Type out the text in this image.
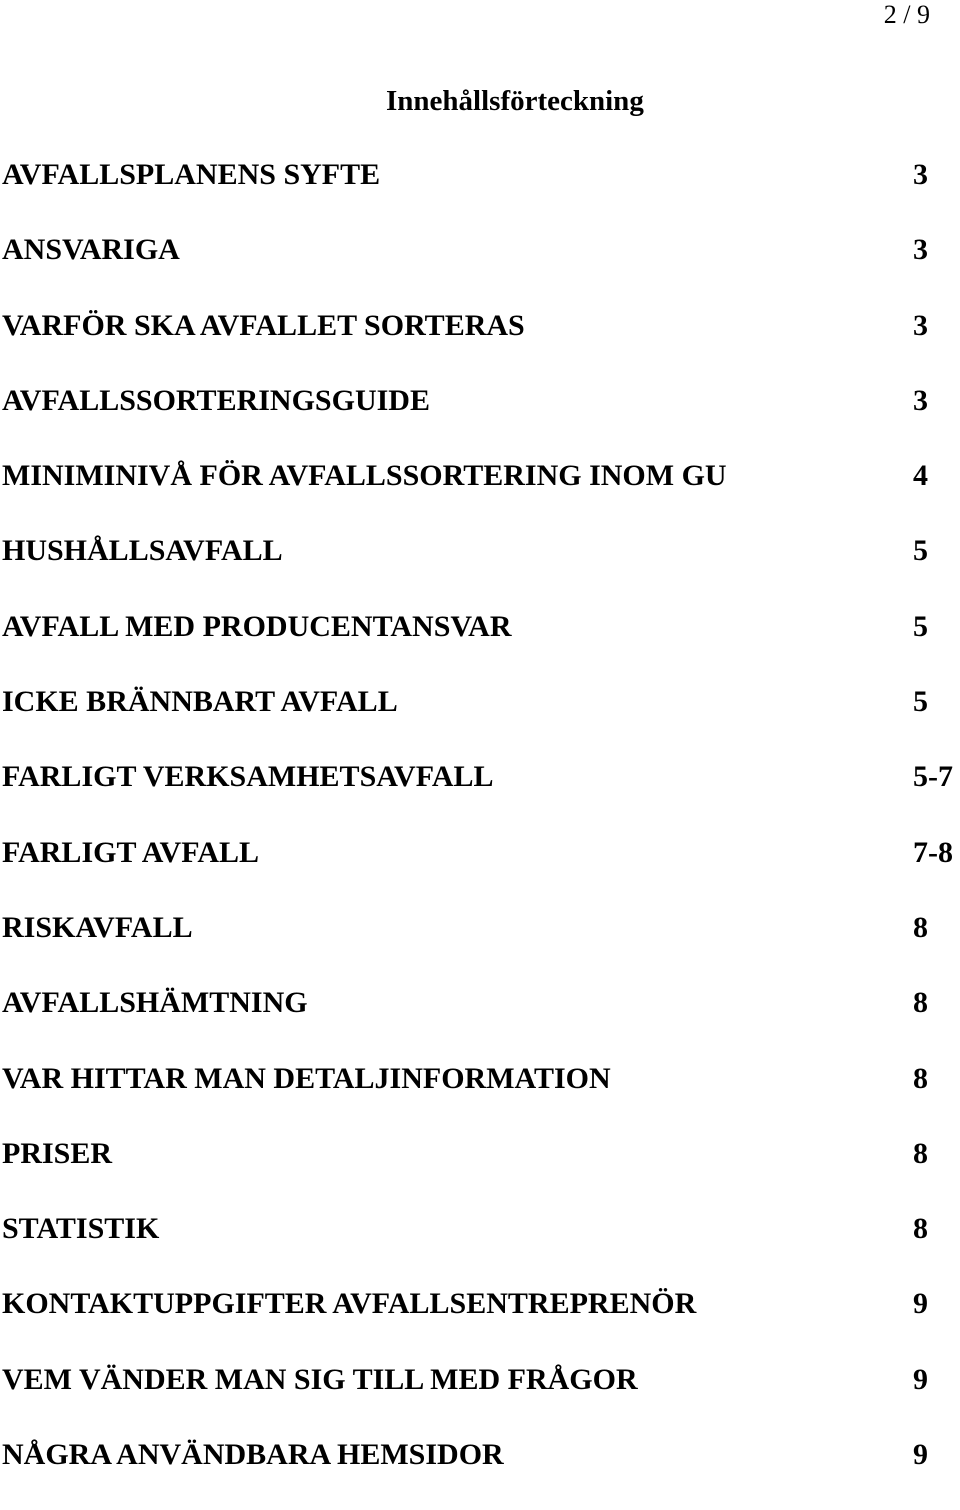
2 / 9
Innehållsförteckning
AVFALLSPLANENS SYFTE	3
ANSVARIGA	3
VARFÖR SKA AVFALLET SORTERAS	3
AVFALLSSORTERINGSGUIDE	3
MINIMINIVÅ FÖR AVFALLSSORTERING INOM GU	4
HUSHÅLLSAVFALL	5
AVFALL MED PRODUCENTANSVAR	5
ICKE BRÄNNBART AVFALL	5
FARLIGT VERKSAMHETSAVFALL	5-7
FARLIGT AVFALL	7-8
RISKAVFALL	8
AVFALLSHÄMTNING	8
VAR HITTAR MAN DETALJINFORMATION	8
PRISER	8
STATISTIK	8
KONTAKTUPPGIFTER AVFALLSENTREPRENÖR	9
VEM VÄNDER MAN SIG TILL MED FRÅGOR	9
NÅGRA ANVÄNDBARA HEMSIDOR	9
